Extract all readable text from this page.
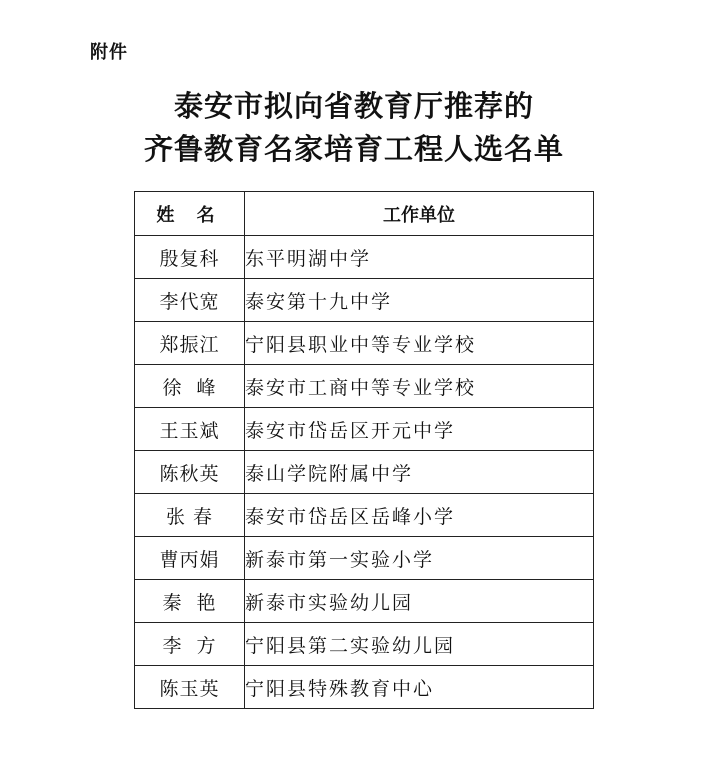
附件
泰安市拟向省教育厅推荐的
齐鲁教育名家培育工程人选名单
姓 名	工作单位
殷复科	东平明湖中学
李代宽	泰安第十九中学
郑振江	宁阳县职业中等专业学校
徐  峰	泰安市工商中等专业学校
王玉斌	泰安市岱岳区开元中学
陈秋英	泰山学院附属中学
张 春	泰安市岱岳区岳峰小学
曹丙娟	新泰市第一实验小学
秦  艳	新泰市实验幼儿园
李  方	宁阳县第二实验幼儿园
陈玉英	宁阳县特殊教育中心
